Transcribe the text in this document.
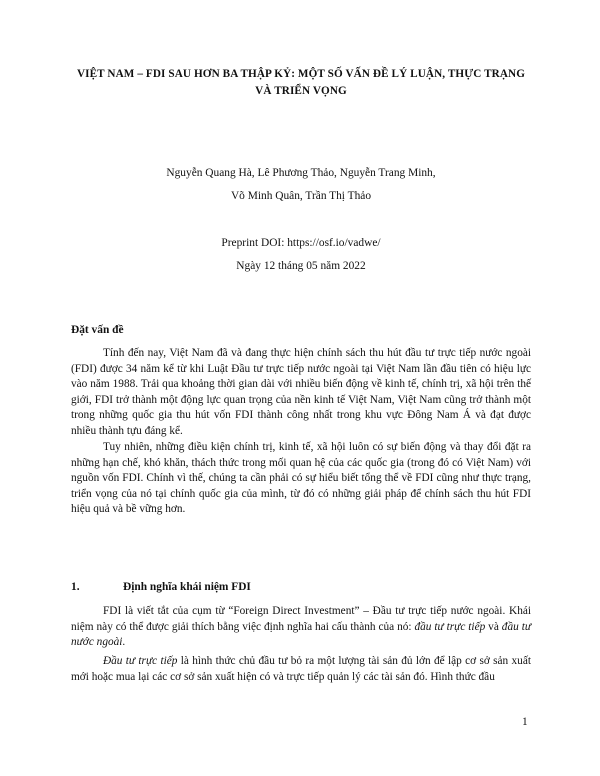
VIỆT NAM – FDI SAU HƠN BA THẬP KỶ: MỘT SỐ VẤN ĐỀ LÝ LUẬN, THỰC TRẠNG VÀ TRIỂN VỌNG
Nguyễn Quang Hà, Lê Phương Thảo, Nguyễn Trang Minh,
Võ Minh Quân, Trần Thị Thảo
Preprint DOI: https://osf.io/vadwe/
Ngày 12 tháng 05 năm 2022
Đặt vấn đề

Tính đến nay, Việt Nam đã và đang thực hiện chính sách thu hút đầu tư trực tiếp nước ngoài (FDI) được 34 năm kể từ khi Luật Đầu tư trực tiếp nước ngoài tại Việt Nam lần đầu tiên có hiệu lực vào năm 1988. Trải qua khoảng thời gian dài với nhiều biến động về kinh tế, chính trị, xã hội trên thế giới, FDI trở thành một động lực quan trọng của nền kinh tế Việt Nam, Việt Nam cũng trở thành một trong những quốc gia thu hút vốn FDI thành công nhất trong khu vực Đông Nam Á và đạt được nhiều thành tựu đáng kể.

Tuy nhiên, những điều kiện chính trị, kinh tế, xã hội luôn có sự biến động và thay đổi đặt ra những hạn chế, khó khăn, thách thức trong mối quan hệ của các quốc gia (trong đó có Việt Nam) với nguồn vốn FDI. Chính vì thế, chúng ta cần phải có sự hiểu biết tổng thể về FDI cũng như thực trạng, triển vọng của nó tại chính quốc gia của mình, từ đó có những giải pháp để chính sách thu hút FDI hiệu quả và bề vững hơn.

1.	Định nghĩa khái niệm FDI

FDI là viết tắt của cụm từ “Foreign Direct Investment” – Đầu tư trực tiếp nước ngoài. Khái niệm này có thể được giải thích bằng việc định nghĩa hai cấu thành của nó: đầu tư trực tiếp và đầu tư nước ngoài.

Đầu tư trực tiếp là hình thức chủ đầu tư bỏ ra một lượng tài sản đủ lớn để lập cơ sở sản xuất mới hoặc mua lại các cơ sở sản xuất hiện có và trực tiếp quản lý các tài sản đó. Hình thức đầu

1
